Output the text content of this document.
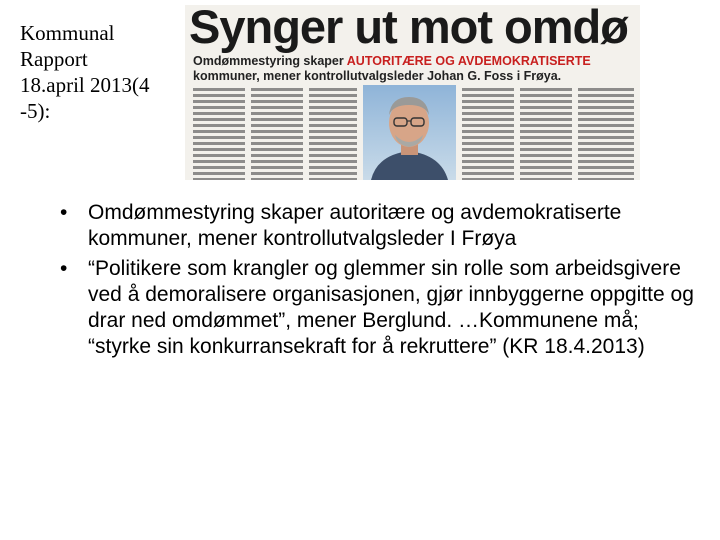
Kommunal
Rapport
18.april 2013(4
-5):
Synger ut mot omdø
Omdømmestyring skaper AUTORITÆRE OG AVDEMOKRATISERTE
kommuner, mener kontrollutvalgsleder Johan G. Foss i Frøya.
• Omdømmestyring skaper autoritære og avdemokratiserte kommuner, mener kontrollutvalgsleder I Frøya
• “Politikere som krangler og glemmer sin rolle som arbeidsgivere ved å demoralisere organisasjonen, gjør innbyggerne oppgitte og drar ned omdømmet”, mener Berglund. …Kommunene må; “styrke sin konkurransekraft for å rekruttere” (KR 18.4.2013)
